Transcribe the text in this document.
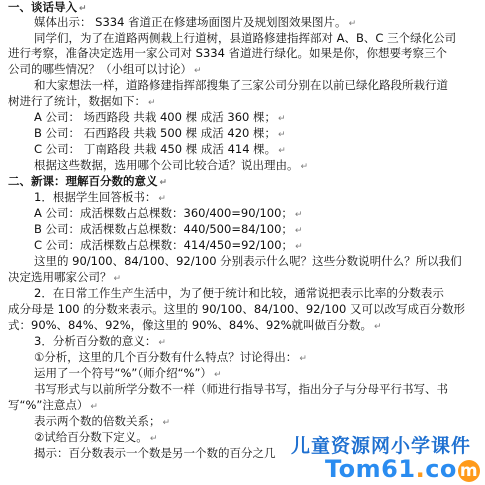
一、谈话导入 ↵
媒体出示： S334 省道正在修建场面图片及规划图效果图片。 ↵
同学们，为了在道路两侧栽上行道树，县道路修建指挥部对 A、B、C 三个绿化公司
进行考察，准备决定选用一家公司对 S334 省道进行绿化。如果是你，你想要考察三个
公司的哪些情况？（小组可以讨论） ↵
和大家想法一样，道路修建指挥部搜集了三家公司分别在以前已绿化路段所栽行道
树进行了统计，数据如下： ↵
A 公司： 场西路段 共栽 400 棵 成活 360 棵； ↵
B 公司： 石西路段 共栽 500 棵 成活 420 棵； ↵
C 公司： 丁南路段 共栽 450 棵 成活 414 棵。 ↵
根据这些数据，选用哪个公司比较合适？说出理由。 ↵
二、新课：理解百分数的意义 ↵
1．根据学生回答板书： ↵
A 公司：成活棵数占总棵数：360/400=90/100； ↵
B 公司：成活棵数占总棵数：440/500=84/100； ↵
C 公司：成活棵数占总棵数：414/450=92/100； ↵
这里的 90/100、84/100、92/100 分别表示什么呢？这些分数说明什么？所以我们
决定选用哪家公司？ ↵
2．在日常工作生产生活中，为了便于统计和比较，通常说把表示比率的分数表示
成分母是 100 的分数来表示。这里的 90/100、84/100、92/100 又可以改写成百分数形
式：90%、84%、92%，像这里的 90%、84%、92%就叫做百分数。 ↵
3．分析百分数的意义： ↵
①分析，这里的几个百分数有什么特点？讨论得出： ↵
运用了一个符号“%”（师介绍“%”） ↵
书写形式与以前所学分数不一样（师进行指导书写，指出分子与分母平行书写、书
写“%”注意点） ↵
表示两个数的倍数关系； ↵
②试给百分数下定义。 ↵
揭示：百分数表示一个数是另一个数的百分之几 儿童资源网小学课件
Tom61.co m
